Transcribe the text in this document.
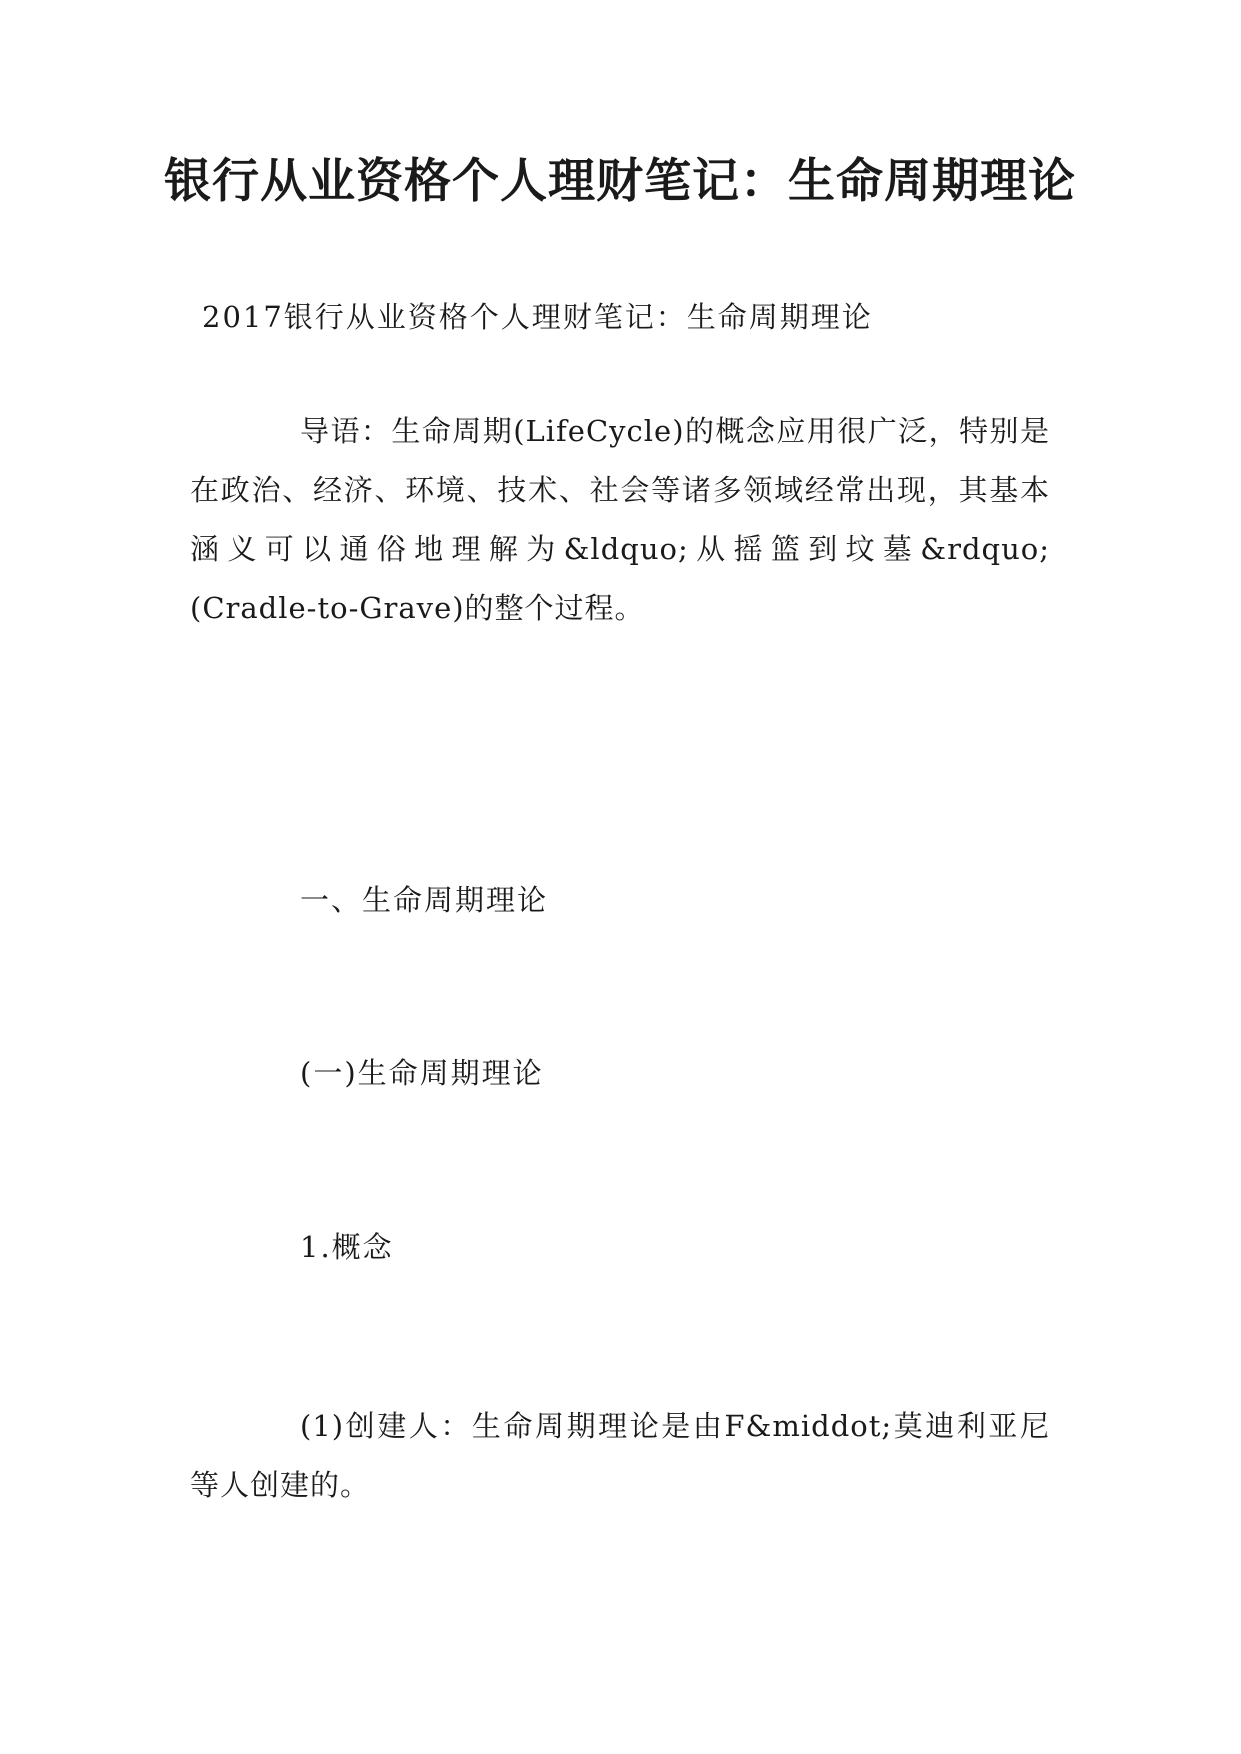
银行从业资格个人理财笔记：生命周期理论
2017银行从业资格个人理财笔记：生命周期理论
导语：生命周期(LifeCycle)的概念应用很广泛，特别是在政治、经济、环境、技术、社会等诸多领域经常出现，其基本涵义可以通俗地理解为&ldquo;从摇篮到坟墓&rdquo;(Cradle-to-Grave)的整个过程。
一、生命周期理论
(一)生命周期理论
1.概念
(1)创建人：生命周期理论是由F&middot;莫迪利亚尼等人创建的。
